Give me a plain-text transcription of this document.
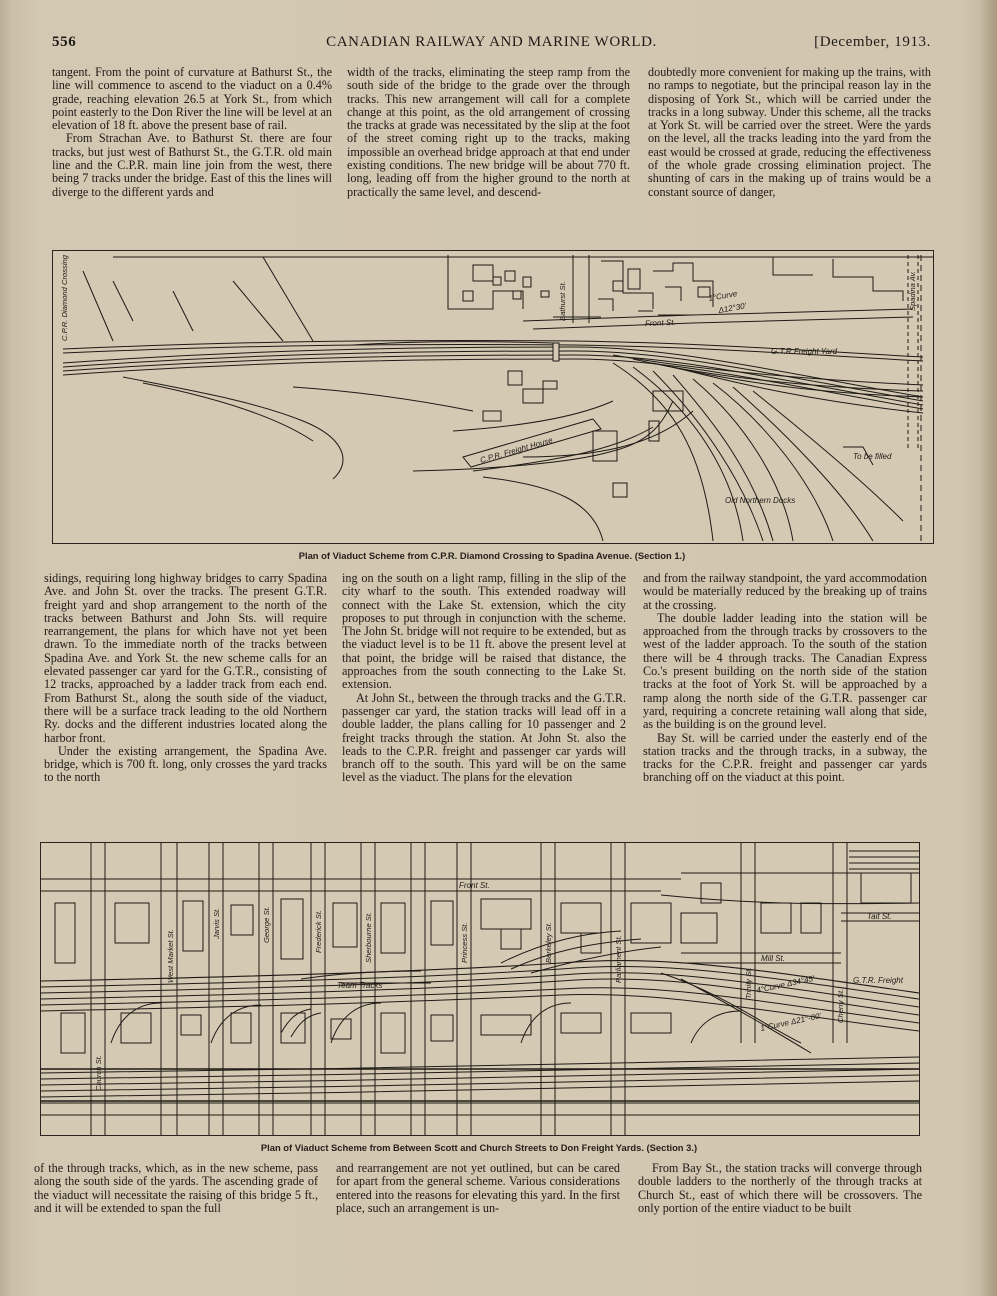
556	CANADIAN RAILWAY AND MARINE WORLD.	[December, 1913.

tangent. From the point of curvature at Bathurst St., the line will commence to ascend to the viaduct on a 0.4% grade, reaching elevation 26.5 at York St., from which point easterly to the Don River the line will be level at an elevation of 18 ft. above the present base of rail.

From Strachan Ave. to Bathurst St. there are four tracks, but just west of Bathurst St., the G.T.R. old main line and the C.P.R. main line join from the west, there being 7 tracks under the bridge. East of this the lines will diverge to the different yards and

width of the tracks, eliminating the steep ramp from the south side of the bridge to the grade over the through tracks. This new arrangement will call for a complete change at this point, as the old arrangement of crossing the tracks at grade was necessitated by the slip at the foot of the street coming right up to the tracks, making impossible an overhead bridge approach at that end under existing conditions. The new bridge will be about 770 ft. long, leading off from the higher ground to the north at practically the same level, and descend-

doubtedly more convenient for making up the trains, with no ramps to negotiate, but the principal reason lay in the disposing of York St., which will be carried under the tracks in a long subway. Under this scheme, all the tracks at York St. will be carried over the street. Were the yards on the level, all the tracks leading into the yard from the east would be crossed at grade, reducing the effectiveness of the whole grade crossing elimination project. The shunting of cars in the making up of trains would be a constant source of danger,

C.P.R. Diamond Crossing	Bathurst St.	Spadina Av.
Front St.
1°Curve
Δ12°30'
G.T.R Freight Yard
C.P.R. Freight House	To be filled
Old Northern Docks
Plan of Viaduct Scheme from C.P.R. Diamond Crossing to Spadina Avenue. (Section 1.)

sidings, requiring long highway bridges to carry Spadina Ave. and John St. over the tracks. The present G.T.R. freight yard and shop arrangement to the north of the tracks between Bathurst and John Sts. will require rearrangement, the plans for which have not yet been drawn. To the immediate north of the tracks between Spadina Ave. and York St. the new scheme calls for an elevated passenger car yard for the G.T.R., consisting of 12 tracks, approached by a ladder track from each end. From Bathurst St., along the south side of the viaduct, there will be a surface track leading to the old Northern Ry. docks and the different industries located along the harbor front.

Under the existing arrangement, the Spadina Ave. bridge, which is 700 ft. long, only crosses the yard tracks to the north

ing on the south on a light ramp, filling in the slip of the city wharf to the south. This extended roadway will connect with the Lake St. extension, which the city proposes to put through in conjunction with the scheme. The John St. bridge will not require to be extended, but as the viaduct level is to be 11 ft. above the present level at that point, the bridge will be raised that distance, the approaches from the south connecting to the Lake St. extension.

At John St., between the through tracks and the G.T.R. passenger car yard, the station tracks will lead off in a double ladder, the plans calling for 10 passenger and 2 freight tracks through the station. At John St. also the leads to the C.P.R. freight and passenger car yards will branch off to the south. This yard will be on the same level as the viaduct. The plans for the elevation

and from the railway standpoint, the yard accommodation would be materially reduced by the breaking up of trains at the crossing.

The double ladder leading into the station will be approached from the through tracks by crossovers to the west of the ladder approach. To the south of the station there will be 4 through tracks. The Canadian Express Co.'s present building on the north side of the station tracks at the foot of York St. will be approached by a ramp along the north side of the G.T.R. passenger car yard, requiring a concrete retaining wall along that side, as the building is on the ground level.

Bay St. will be carried under the easterly end of the station tracks and the through tracks, in a subway, the tracks for the C.P.R. freight and passenger car yards branching off on the viaduct at this point.

Church St.
West Market St.
Jarvis St.	George St.	Frederick St.	Sherbourne St.	Princess St.	Berkeley St.	Parliament St.
Trinity St.
Cherry St.
Front St.
Tait St.
Mill St.
Team Tracks	4°Curve Δ34°45'
1°Curve Δ21°-00'
G.T.R. Freight
Plan of Viaduct Scheme from Between Scott and Church Streets to Don Freight Yards. (Section 3.)

of the through tracks, which, as in the new scheme, pass along the south side of the yards. The ascending grade of the viaduct will necessitate the raising of this bridge 5 ft., and it will be extended to span the full

and rearrangement are not yet outlined, but can be cared for apart from the general scheme. Various considerations entered into the reasons for elevating this yard. In the first place, such an arrangement is un-

From Bay St., the station tracks will converge through double ladders to the northerly of the through tracks at Church St., east of which there will be crossovers. The only portion of the entire viaduct to be built
